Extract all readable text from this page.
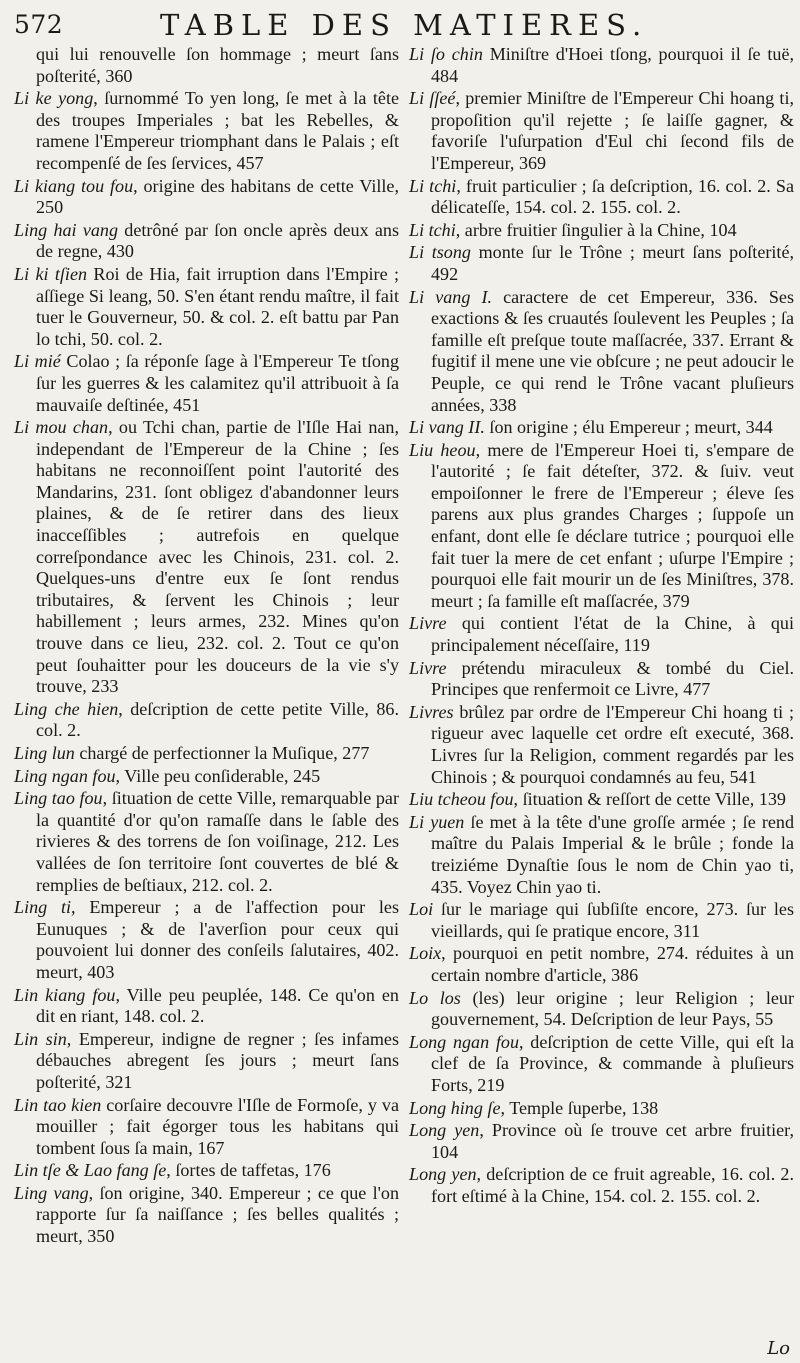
572	TABLE DES MATIERES.

qui lui renouvelle ſon hommage ; meurt ſans poſterité, 360

Li ke yong, ſurnommé To yen long, ſe met à la tête des troupes Imperiales ; bat les Rebelles, & ramene l'Empereur triomphant dans le Palais ; eſt recompenſé de ſes ſervices, 457

Li kiang tou fou, origine des habitans de cette Ville, 250

Ling hai vang detrôné par ſon oncle après deux ans de regne, 430

Li ki tſien Roi de Hia, fait irruption dans l'Empire ; aſſiege Si leang, 50. S'en étant rendu maître, il fait tuer le Gouverneur, 50. & col. 2. eſt battu par Pan lo tchi, 50. col. 2.

Li mié Colao ; ſa réponſe ſage à l'Empereur Te tſong ſur les guerres & les calamitez qu'il attribuoit à ſa mauvaiſe deſtinée, 451

Li mou chan, ou Tchi chan, partie de l'Iſle Hai nan, independant de l'Empereur de la Chine ; ſes habitans ne reconnoiſſent point l'autorité des Mandarins, 231. ſont obligez d'abandonner leurs plaines, & de ſe retirer dans des lieux inacceſſibles ; autrefois en quelque correſpondance avec les Chinois, 231. col. 2. Quelques-uns d'entre eux ſe ſont rendus tributaires, & ſervent les Chinois ; leur habillement ; leurs armes, 232. Mines qu'on trouve dans ce lieu, 232. col. 2. Tout ce qu'on peut ſouhaitter pour les douceurs de la vie s'y trouve, 233

Ling che hien, deſcription de cette petite Ville, 86. col. 2.

Ling lun chargé de perfectionner la Muſique, 277

Ling ngan fou, Ville peu conſiderable, 245

Ling tao fou, ſituation de cette Ville, remarquable par la quantité d'or qu'on ramaſſe dans le ſable des rivieres & des torrens de ſon voiſinage, 212. Les vallées de ſon territoire ſont couvertes de blé & remplies de beſtiaux, 212. col. 2.

Ling ti, Empereur ; a de l'affection pour les Eunuques ; & de l'averſion pour ceux qui pouvoient lui donner des conſeils ſalutaires, 402. meurt, 403

Lin kiang fou, Ville peu peuplée, 148. Ce qu'on en dit en riant, 148. col. 2.

Lin sin, Empereur, indigne de regner ; ſes infames débauches abregent ſes jours ; meurt ſans poſterité, 321

Lin tao kien corſaire decouvre l'Iſle de Formoſe, y va mouiller ; fait égorger tous les habitans qui tombent ſous ſa main, 167

Lin tſe & Lao fang ſe, ſortes de taffetas, 176

Ling vang, ſon origine, 340. Empereur ; ce que l'on rapporte ſur ſa naiſſance ; ſes belles qualités ; meurt, 350

Li ſo chin Miniſtre d'Hoei tſong, pourquoi il ſe tuë, 484

Li ſſeé, premier Miniſtre de l'Empereur Chi hoang ti, propoſition qu'il rejette ; ſe laiſſe gagner, & favoriſe l'uſurpation d'Eul chi ſecond fils de l'Empereur, 369

Li tchi, fruit particulier ; ſa deſcription, 16. col. 2. Sa délicateſſe, 154. col. 2. 155. col. 2.

Li tchi, arbre fruitier ſingulier à la Chine, 104

Li tsong monte ſur le Trône ; meurt ſans poſterité, 492

Li vang I. caractere de cet Empereur, 336. Ses exactions & ſes cruautés ſoulevent les Peuples ; ſa famille eſt preſque toute maſſacrée, 337. Errant & fugitif il mene une vie obſcure ; ne peut adoucir le Peuple, ce qui rend le Trône vacant pluſieurs années, 338

Li vang II. ſon origine ; élu Empereur ; meurt, 344

Liu heou, mere de l'Empereur Hoei ti, s'empare de l'autorité ; ſe fait déteſter, 372. & ſuiv. veut empoiſonner le frere de l'Empereur ; éleve ſes parens aux plus grandes Charges ; ſuppoſe un enfant, dont elle ſe déclare tutrice ; pourquoi elle fait tuer la mere de cet enfant ; uſurpe l'Empire ; pourquoi elle fait mourir un de ſes Miniſtres, 378. meurt ; ſa famille eſt maſſacrée, 379

Livre qui contient l'état de la Chine, à qui principalement néceſſaire, 119

Livre prétendu miraculeux & tombé du Ciel. Principes que renfermoit ce Livre, 477

Livres brûlez par ordre de l'Empereur Chi hoang ti ; rigueur avec laquelle cet ordre eſt executé, 368. Livres ſur la Religion, comment regardés par les Chinois ; & pourquoi condamnés au feu, 541

Liu tcheou fou, ſituation & reſſort de cette Ville, 139

Li yuen ſe met à la tête d'une groſſe armée ; ſe rend maître du Palais Imperial & le brûle ; fonde la treiziéme Dynaſtie ſous le nom de Chin yao ti, 435. Voyez Chin yao ti.

Loi ſur le mariage qui ſubſiſte encore, 273. ſur les vieillards, qui ſe pratique encore, 311

Loix, pourquoi en petit nombre, 274. réduites à un certain nombre d'article, 386

Lo los (les) leur origine ; leur Religion ; leur gouvernement, 54. Deſcription de leur Pays, 55

Long ngan fou, deſcription de cette Ville, qui eſt la clef de ſa Province, & commande à pluſieurs Forts, 219

Long hing ſe, Temple ſuperbe, 138

Long yen, Province où ſe trouve cet arbre fruitier, 104

Long yen, deſcription de ce fruit agreable, 16. col. 2. fort eſtimé à la Chine, 154. col. 2. 155. col. 2.

Lo
